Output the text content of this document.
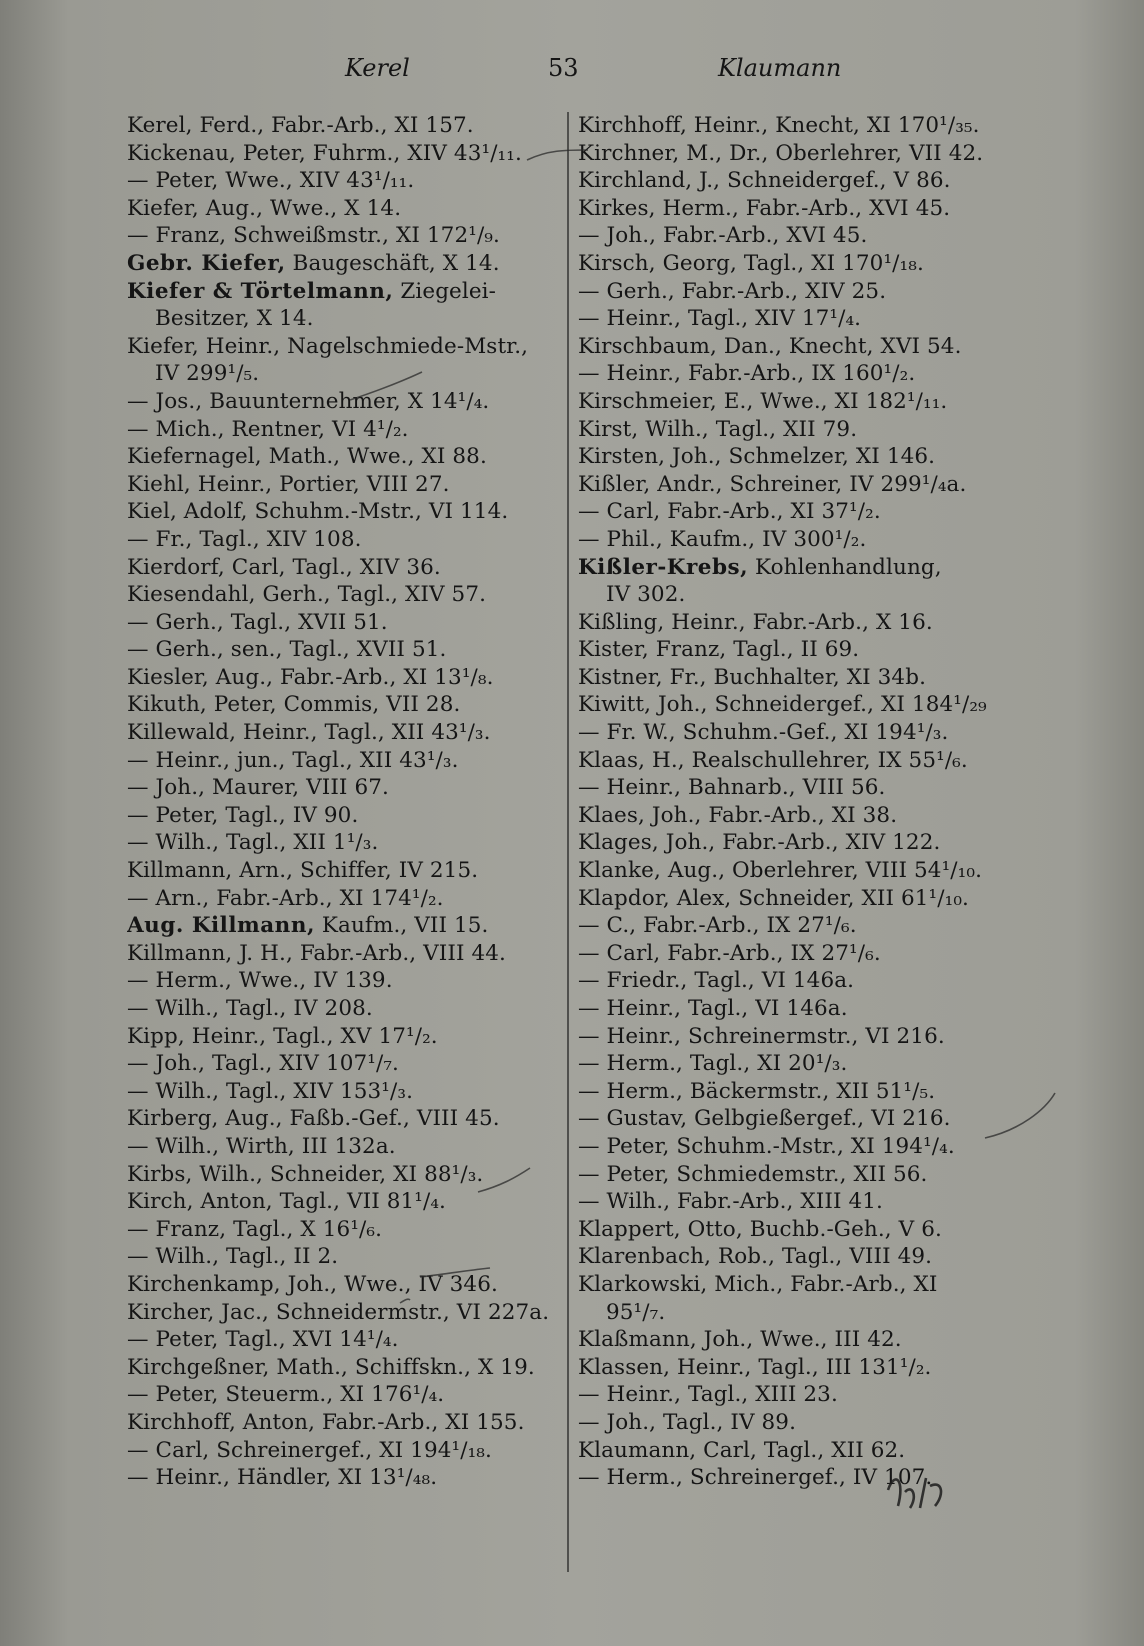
Kerel	53	Klaumann
Kerel, Ferd., Fabr.-Arb., XI 157.
Kickenau, Peter, Fuhrm., XIV 43¹/₁₁.
— Peter, Wwe., XIV 43¹/₁₁.
Kiefer, Aug., Wwe., X 14.
— Franz, Schweißmstr., XI 172¹/₉.
Gebr. Kiefer, Baugeschäft, X 14.
Kiefer & Törtelmann, Ziegelei-
Besitzer, X 14.
Kiefer, Heinr., Nagelschmiede-Mstr.,
IV 299¹/₅.
— Jos., Bauunternehmer, X 14¹/₄.
— Mich., Rentner, VI 4¹/₂.
Kiefernagel, Math., Wwe., XI 88.
Kiehl, Heinr., Portier, VIII 27.
Kiel, Adolf, Schuhm.-Mstr., VI 114.
— Fr., Tagl., XIV 108.
Kierdorf, Carl, Tagl., XIV 36.
Kiesendahl, Gerh., Tagl., XIV 57.
— Gerh., Tagl., XVII 51.
— Gerh., sen., Tagl., XVII 51.
Kiesler, Aug., Fabr.-Arb., XI 13¹/₈.
Kikuth, Peter, Commis, VII 28.
Killewald, Heinr., Tagl., XII 43¹/₃.
— Heinr., jun., Tagl., XII 43¹/₃.
— Joh., Maurer, VIII 67.
— Peter, Tagl., IV 90.
— Wilh., Tagl., XII 1¹/₃.
Killmann, Arn., Schiffer, IV 215.
— Arn., Fabr.-Arb., XI 174¹/₂.
Aug. Killmann, Kaufm., VII 15.
Killmann, J. H., Fabr.-Arb., VIII 44.
— Herm., Wwe., IV 139.
— Wilh., Tagl., IV 208.
Kipp, Heinr., Tagl., XV 17¹/₂.
— Joh., Tagl., XIV 107¹/₇.
— Wilh., Tagl., XIV 153¹/₃.
Kirberg, Aug., Faßb.-Gef., VIII 45.
— Wilh., Wirth, III 132a.
Kirbs, Wilh., Schneider, XI 88¹/₃.
Kirch, Anton, Tagl., VII 81¹/₄.
— Franz, Tagl., X 16¹/₆.
— Wilh., Tagl., II 2.
Kirchenkamp, Joh., Wwe., IV 346.
Kircher, Jac., Schneidermstr., VI 227a.
— Peter, Tagl., XVI 14¹/₄.
Kirchgeßner, Math., Schiffskn., X 19.
— Peter, Steuerm., XI 176¹/₄.
Kirchhoff, Anton, Fabr.-Arb., XI 155.
— Carl, Schreinergef., XI 194¹/₁₈.
— Heinr., Händler, XI 13¹/₄₈.
Kirchhoff, Heinr., Knecht, XI 170¹/₃₅.
Kirchner, M., Dr., Oberlehrer, VII 42.
Kirchland, J., Schneidergef., V 86.
Kirkes, Herm., Fabr.-Arb., XVI 45.
— Joh., Fabr.-Arb., XVI 45.
Kirsch, Georg, Tagl., XI 170¹/₁₈.
— Gerh., Fabr.-Arb., XIV 25.
— Heinr., Tagl., XIV 17¹/₄.
Kirschbaum, Dan., Knecht, XVI 54.
— Heinr., Fabr.-Arb., IX 160¹/₂.
Kirschmeier, E., Wwe., XI 182¹/₁₁.
Kirst, Wilh., Tagl., XII 79.
Kirsten, Joh., Schmelzer, XI 146.
Kißler, Andr., Schreiner, IV 299¹/₄a.
— Carl, Fabr.-Arb., XI 37¹/₂.
— Phil., Kaufm., IV 300¹/₂.
Kißler-Krebs, Kohlenhandlung,
IV 302.
Kißling, Heinr., Fabr.-Arb., X 16.
Kister, Franz, Tagl., II 69.
Kistner, Fr., Buchhalter, XI 34b.
Kiwitt, Joh., Schneidergef., XI 184¹/₂₉
— Fr. W., Schuhm.-Gef., XI 194¹/₃.
Klaas, H., Realschullehrer, IX 55¹/₆.
— Heinr., Bahnarb., VIII 56.
Klaes, Joh., Fabr.-Arb., XI 38.
Klages, Joh., Fabr.-Arb., XIV 122.
Klanke, Aug., Oberlehrer, VIII 54¹/₁₀.
Klapdor, Alex, Schneider, XII 61¹/₁₀.
— C., Fabr.-Arb., IX 27¹/₆.
— Carl, Fabr.-Arb., IX 27¹/₆.
— Friedr., Tagl., VI 146a.
— Heinr., Tagl., VI 146a.
— Heinr., Schreinermstr., VI 216.
— Herm., Tagl., XI 20¹/₃.
— Herm., Bäckermstr., XII 51¹/₅.
— Gustav, Gelbgießergef., VI 216.
— Peter, Schuhm.-Mstr., XI 194¹/₄.
— Peter, Schmiedemstr., XII 56.
— Wilh., Fabr.-Arb., XIII 41.
Klappert, Otto, Buchb.-Geh., V 6.
Klarenbach, Rob., Tagl., VIII 49.
Klarkowski, Mich., Fabr.-Arb., XI
95¹/₇.
Klaßmann, Joh., Wwe., III 42.
Klassen, Heinr., Tagl., III 131¹/₂.
— Heinr., Tagl., XIII 23.
— Joh., Tagl., IV 89.
Klaumann, Carl, Tagl., XII 62.
— Herm., Schreinergef., IV 107.
